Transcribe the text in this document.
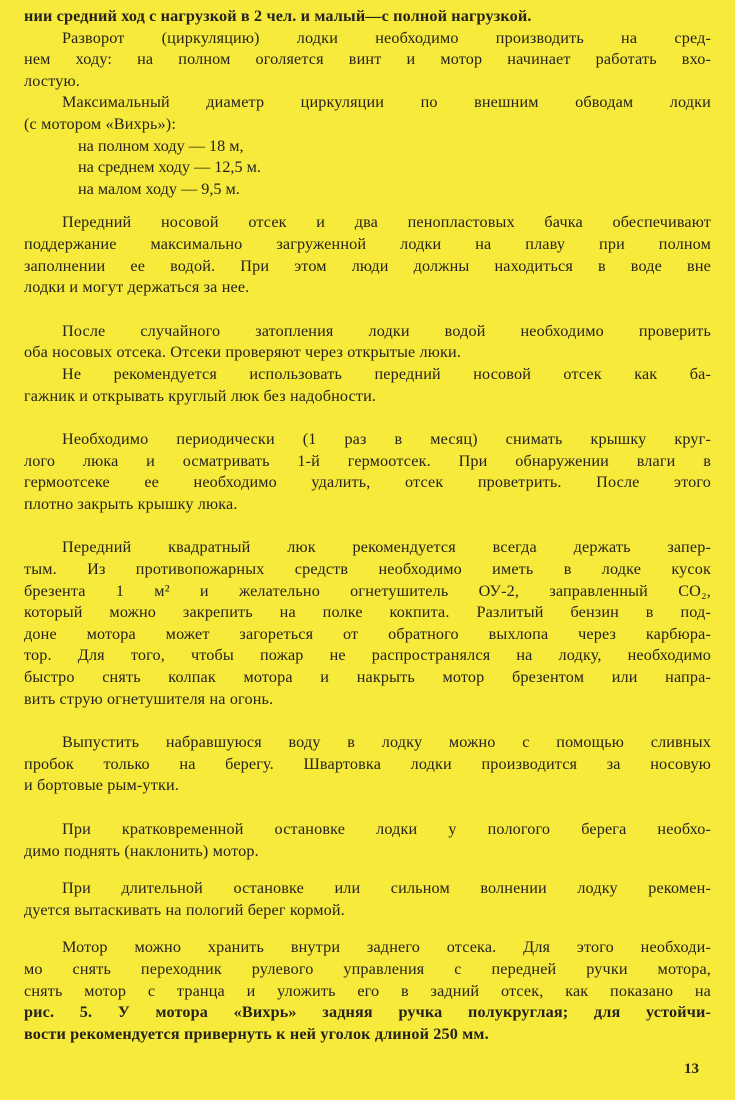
нии средний ход с нагрузкой в 2 чел. и малый—с полной нагрузкой.
Разворот (циркуляцию) лодки необходимо производить на сред-
нем ходу: на полном оголяется винт и мотор начинает работать вхо-
лостую.
Максимальный диаметр циркуляции по внешним обводам лодки
(с мотором «Вихрь»):
на полном ходу — 18 м,
на среднем ходу — 12,5 м.
на малом ходу — 9,5 м.
Передний носовой отсек и два пенопластовых бачка обеспечивают
поддержание максимально загруженной лодки на плаву при полном
заполнении ее водой. При этом люди должны находиться в воде вне
лодки и могут держаться за нее.
После случайного затопления лодки водой необходимо проверить
оба носовых отсека. Отсеки проверяют через открытые люки.
Не рекомендуется использовать передний носовой отсек как ба-
гажник и открывать круглый люк без надобности.
Необходимо периодически (1 раз в месяц) снимать крышку круг-
лого люка и осматривать 1-й гермоотсек. При обнаружении влаги в
гермоотсеке ее необходимо удалить, отсек проветрить. После этого
плотно закрыть крышку люка.
Передний квадратный люк рекомендуется всегда держать запер-
тым. Из противопожарных средств необходимо иметь в лодке кусок
брезента 1 м² и желательно огнетушитель ОУ-2, заправленный CO₂,
который можно закрепить на полке кокпита. Разлитый бензин в под-
доне мотора может загореться от обратного выхлопа через карбюра-
тор. Для того, чтобы пожар не распространялся на лодку, необходимо
быстро снять колпак мотора и накрыть мотор брезентом или напра-
вить струю огнетушителя на огонь.
Выпустить набравшуюся воду в лодку можно с помощью сливных
пробок только на берегу. Швартовка лодки производится за носовую
и бортовые рым-утки.
При кратковременной остановке лодки у пологого берега необхо-
димо поднять (наклонить) мотор.
При длительной остановке или сильном волнении лодку рекомен-
дуется вытаскивать на пологий берег кормой.
Мотор можно хранить внутри заднего отсека. Для этого необходи-
мо снять переходник рулевого управления с передней ручки мотора,
снять мотор с транца и уложить его в задний отсек, как показано на
рис. 5. У мотора «Вихрь» задняя ручка полукруглая; для устойчи-
вости рекомендуется привернуть к ней уголок длиной 250 мм.
13
